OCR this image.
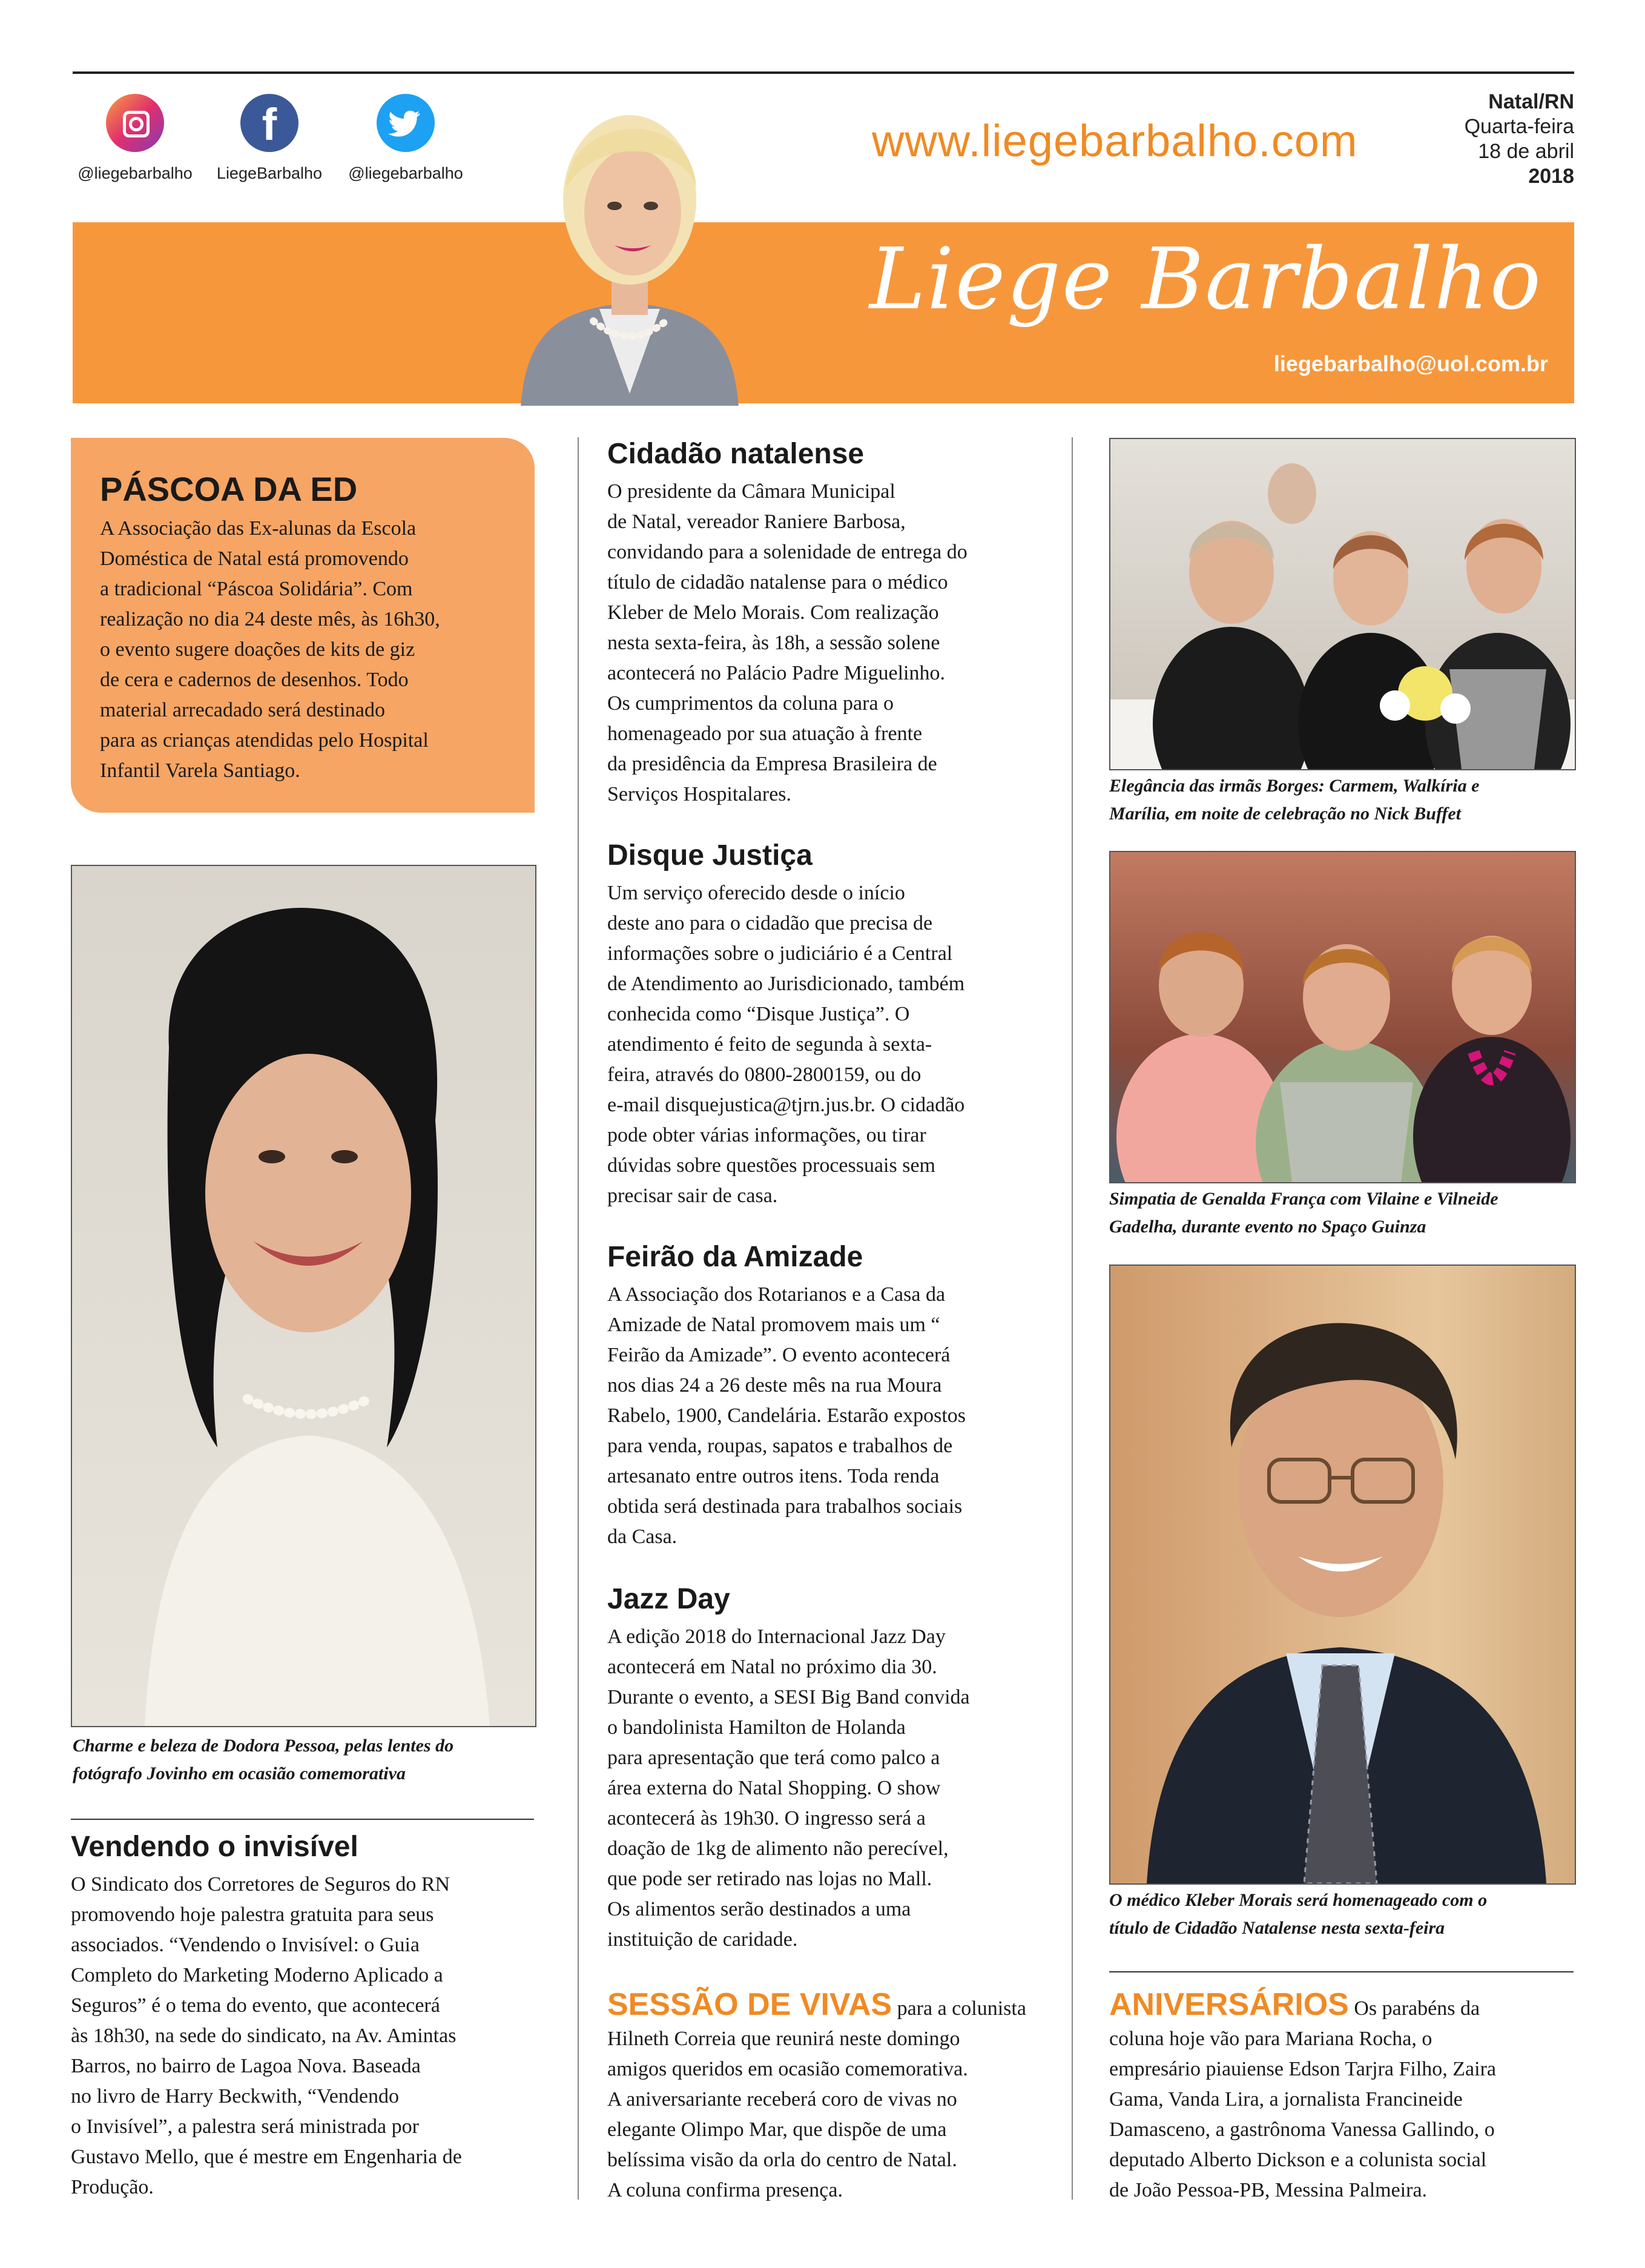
@liegebarbalho
f
LiegeBarbalho	@liegebarbalho
www.liegebarbalho.com
Natal/RN
Quarta-feira
18 de abril
2018
Liege Barbalho
liegebarbalho@uol.com.br
PÁSCOA DA ED
A Associação das Ex-alunas da Escola
Doméstica de Natal está promovendo
a tradicional “Páscoa Solidária”. Com
realização no dia 24 deste mês, às 16h30,
o evento sugere doações de kits de giz
de cera e cadernos de desenhos. Todo
material arrecadado será destinado
para as crianças atendidas pelo Hospital
Infantil Varela Santiago.
Charme e beleza de Dodora Pessoa, pelas lentes do
fotógrafo Jovinho em ocasião comemorativa
Vendendo o invisível
O Sindicato dos Corretores de Seguros do RN
promovendo hoje palestra gratuita para seus
associados. “Vendendo o Invisível: o Guia
Completo do Marketing Moderno Aplicado a
Seguros” é o tema do evento, que acontecerá
às 18h30, na sede do sindicato, na Av. Amintas
Barros, no bairro de Lagoa Nova. Baseada
no livro de Harry Beckwith, “Vendendo
o Invisível”, a palestra será ministrada por
Gustavo Mello, que é mestre em Engenharia de
Produção.
Cidadão natalense
O presidente da Câmara Municipal
de Natal, vereador Raniere Barbosa,
convidando para a solenidade de entrega do
título de cidadão natalense para o médico
Kleber de Melo Morais. Com realização
nesta sexta-feira, às 18h, a sessão solene
acontecerá no Palácio Padre Miguelinho.
Os cumprimentos da coluna para o
homenageado por sua atuação à frente
da presidência da Empresa Brasileira de
Serviços Hospitalares.
Disque Justiça
Um serviço oferecido desde o início
deste ano para o cidadão que precisa de
informações sobre o judiciário é a Central
de Atendimento ao Jurisdicionado, também
conhecida como “Disque Justiça”. O
atendimento é feito de segunda à sexta-
feira, através do 0800-2800159, ou do
e-mail disquejustica@tjrn.jus.br. O cidadão
pode obter várias informações, ou tirar
dúvidas sobre questões processuais sem
precisar sair de casa.
Feirão da Amizade
A Associação dos Rotarianos e a Casa da
Amizade de Natal promovem mais um “
Feirão da Amizade”. O evento acontecerá
nos dias 24 a 26 deste mês na rua Moura
Rabelo, 1900, Candelária. Estarão expostos
para venda, roupas, sapatos e trabalhos de
artesanato entre outros itens. Toda renda
obtida será destinada para trabalhos sociais
da Casa.
Jazz Day
A edição 2018 do Internacional Jazz Day
acontecerá em Natal no próximo dia 30.
Durante o evento, a SESI Big Band convida
o bandolinista Hamilton de Holanda
para apresentação que terá como palco a
área externa do Natal Shopping. O show
acontecerá às 19h30. O ingresso será a
doação de 1kg de alimento não perecível,
que pode ser retirado nas lojas no Mall.
Os alimentos serão destinados a uma
instituição de caridade.
SESSÃO DE VIVAS para a colunista
Hilneth Correia que reunirá neste domingo
amigos queridos em ocasião comemorativa.
A aniversariante receberá coro de vivas no
elegante Olimpo Mar, que dispõe de uma
belíssima visão da orla do centro de Natal.
A coluna confirma presença.
Elegância das irmãs Borges: Carmem, Walkíria e
Marília, em noite de celebração no Nick Buffet
Simpatia de Genalda França com Vilaine e Vilneide
Gadelha, durante evento no Spaço Guinza
O médico Kleber Morais será homenageado com o
título de Cidadão Natalense nesta sexta-feira
ANIVERSÁRIOS Os parabéns da
coluna hoje vão para Mariana Rocha, o
empresário piauiense Edson Tarjra Filho, Zaira
Gama, Vanda Lira, a jornalista Francineide
Damasceno, a gastrônoma Vanessa Gallindo, o
deputado Alberto Dickson e a colunista social
de João Pessoa-PB, Messina Palmeira.
